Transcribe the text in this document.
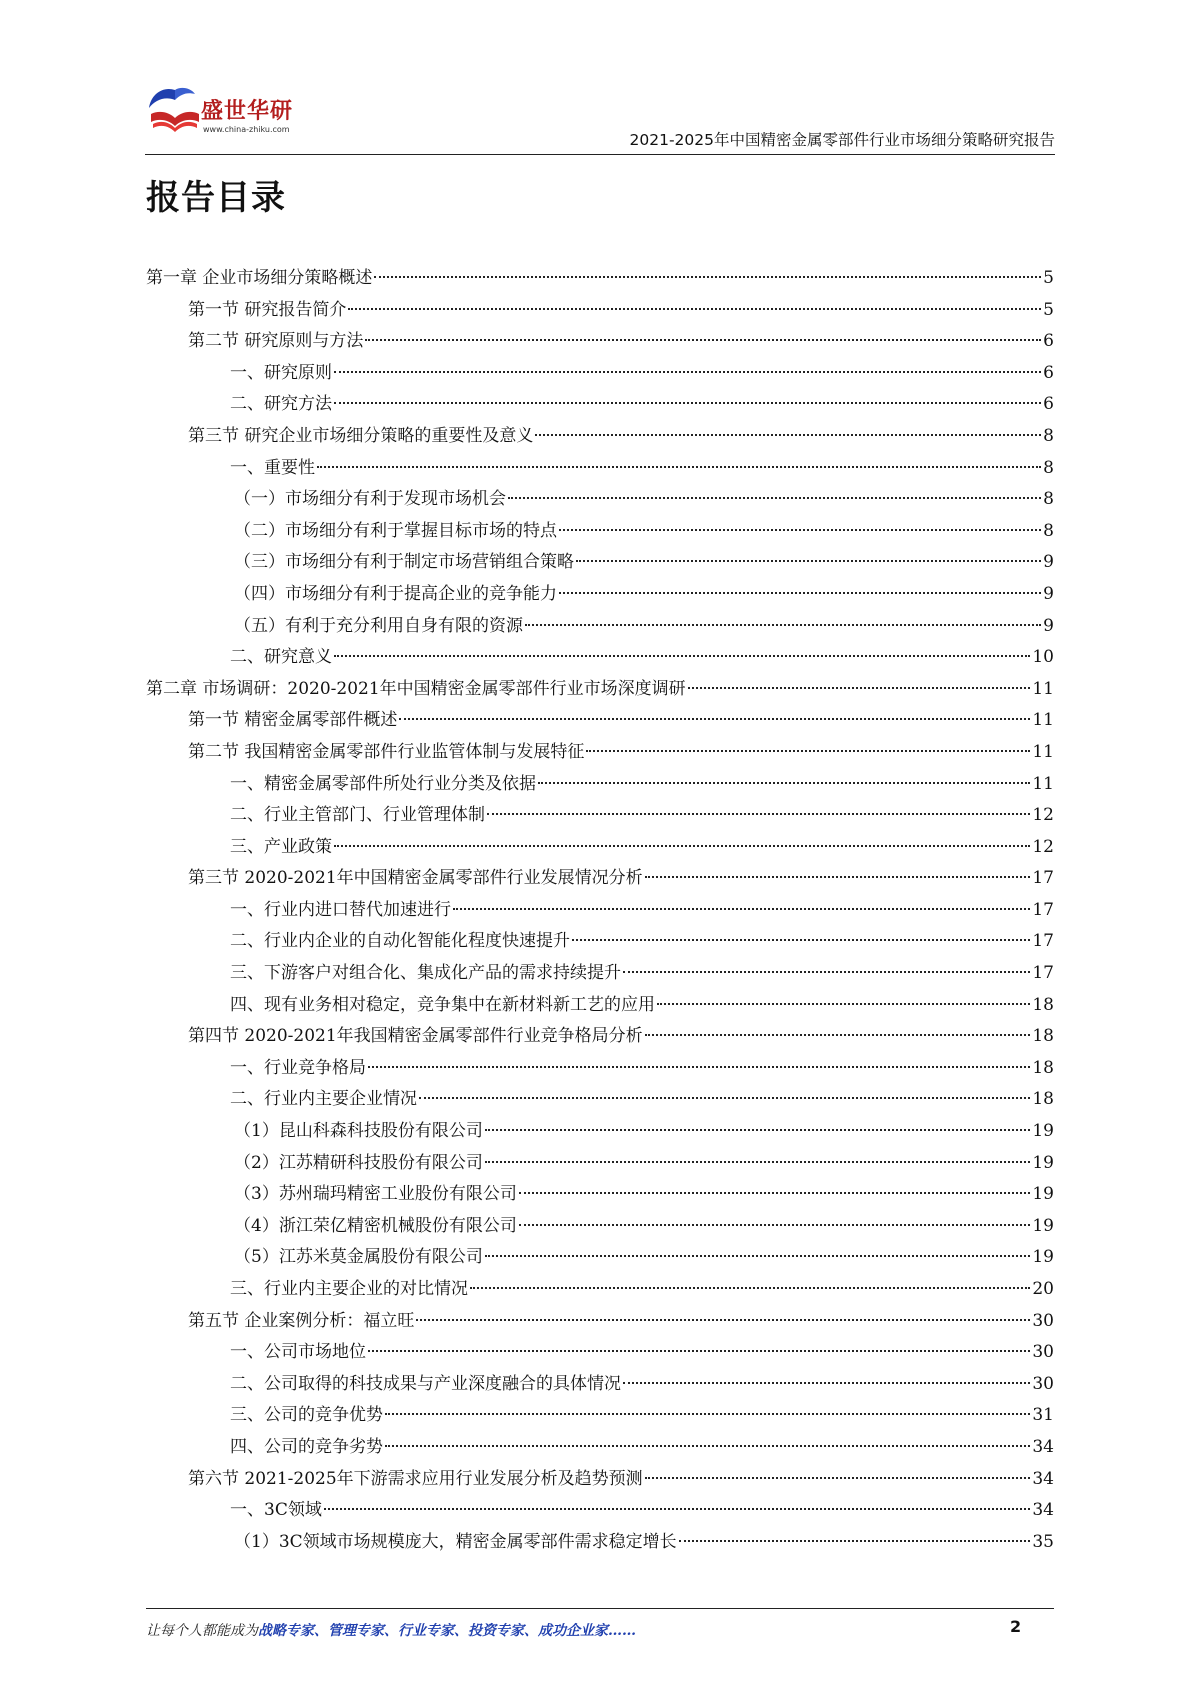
盛世华研
www.china-zhiku.com
2021-2025年中国精密金属零部件行业市场细分策略研究报告
报告目录
第一章 企业市场细分策略概述	5
第一节 研究报告简介	5
第二节 研究原则与方法	6
一、研究原则	6
二、研究方法	6
第三节 研究企业市场细分策略的重要性及意义	8
一、重要性	8
（一）市场细分有利于发现市场机会	8
（二）市场细分有利于掌握目标市场的特点	8
（三）市场细分有利于制定市场营销组合策略	9
（四）市场细分有利于提高企业的竞争能力	9
（五）有利于充分利用自身有限的资源	9
二、研究意义	10
第二章 市场调研：2020-2021年中国精密金属零部件行业市场深度调研	11
第一节 精密金属零部件概述	11
第二节 我国精密金属零部件行业监管体制与发展特征	11
一、精密金属零部件所处行业分类及依据	11
二、行业主管部门、行业管理体制	12
三、产业政策	12
第三节 2020-2021年中国精密金属零部件行业发展情况分析	17
一、行业内进口替代加速进行	17
二、行业内企业的自动化智能化程度快速提升	17
三、下游客户对组合化、集成化产品的需求持续提升	17
四、现有业务相对稳定，竞争集中在新材料新工艺的应用	18
第四节 2020-2021年我国精密金属零部件行业竞争格局分析	18
一、行业竞争格局	18
二、行业内主要企业情况	18
（1）昆山科森科技股份有限公司	19
（2）江苏精研科技股份有限公司	19
（3）苏州瑞玛精密工业股份有限公司	19
（4）浙江荣亿精密机械股份有限公司	19
（5）江苏米莫金属股份有限公司	19
三、行业内主要企业的对比情况	20
第五节 企业案例分析：福立旺	30
一、公司市场地位	30
二、公司取得的科技成果与产业深度融合的具体情况	30
三、公司的竞争优势	31
四、公司的竞争劣势	34
第六节 2021-2025年下游需求应用行业发展分析及趋势预测	34
一、3C领域	34
（1）3C领域市场规模庞大，精密金属零部件需求稳定增长	35
让每个人都能成为战略专家、管理专家、行业专家、投资专家、成功企业家……	2
